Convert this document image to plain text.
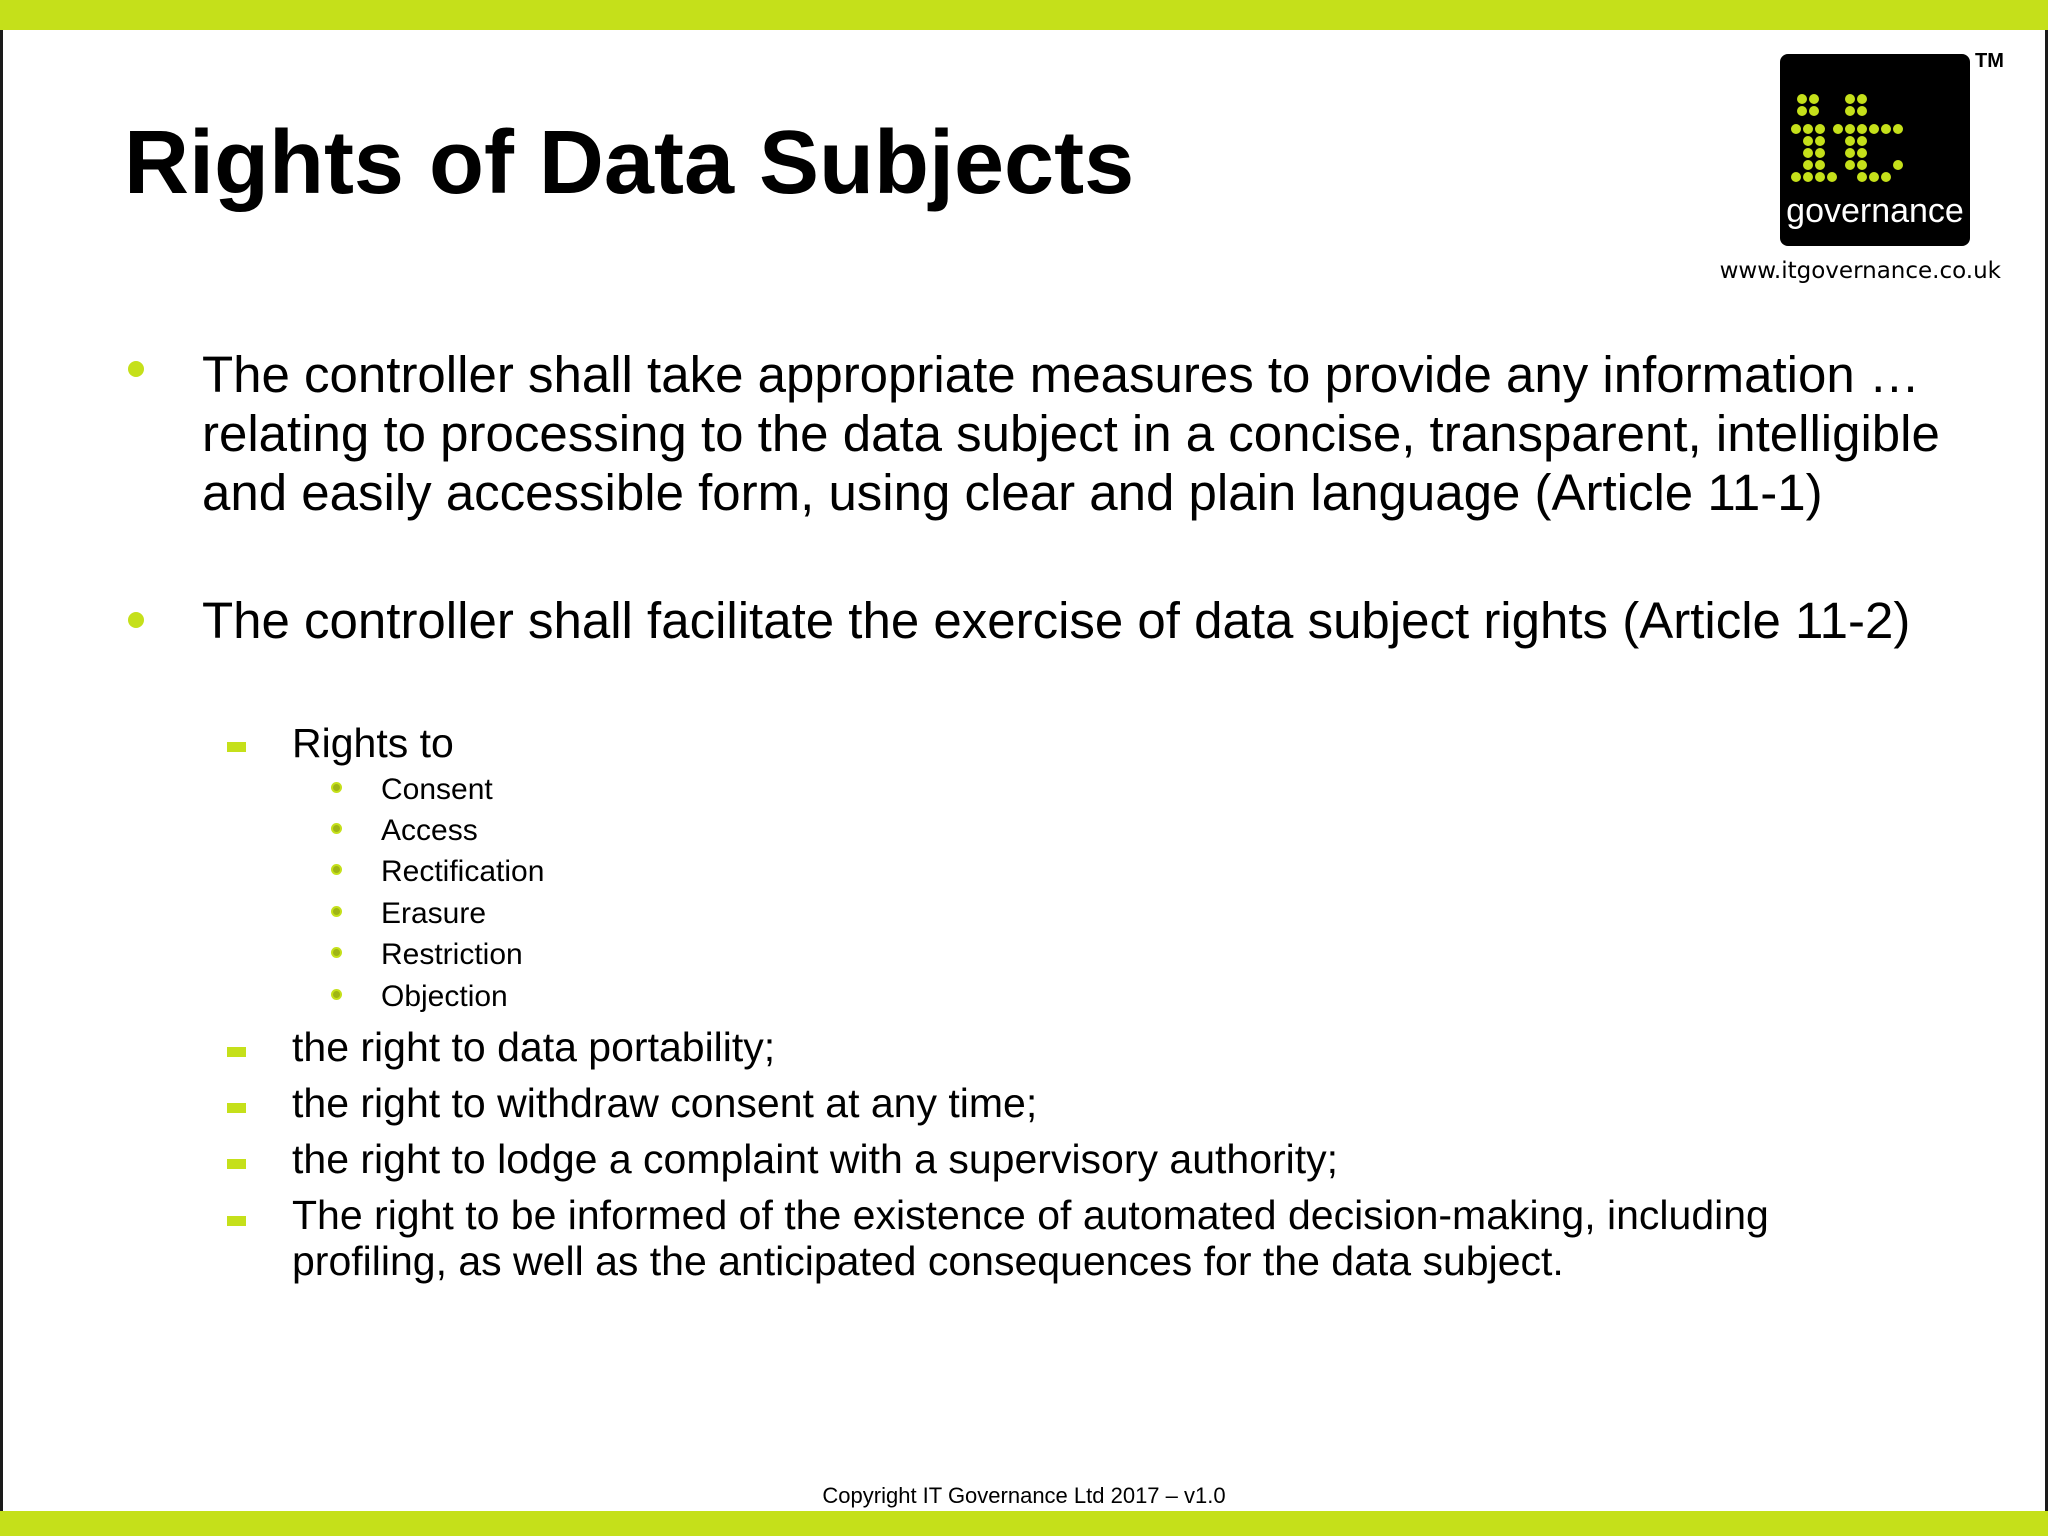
Rights of Data Subjects	governance
TM
www.itgovernance.co.uk
The controller shall take appropriate measures to provide any information … relating to processing to the data subject in a concise, transparent, intelligible and easily accessible form, using clear and plain language (Article 11-1)
The controller shall facilitate the exercise of data subject rights (Article 11-2)
Rights to
Consent
Access
Rectification
Erasure
Restriction
Objection
the right to data portability;
the right to withdraw consent at any time;
the right to lodge a complaint with a supervisory authority;
The right to be informed of the existence of automated decision-making, including profiling, as well as the anticipated consequences for the data subject.
Copyright IT Governance Ltd 2017 – v1.0
